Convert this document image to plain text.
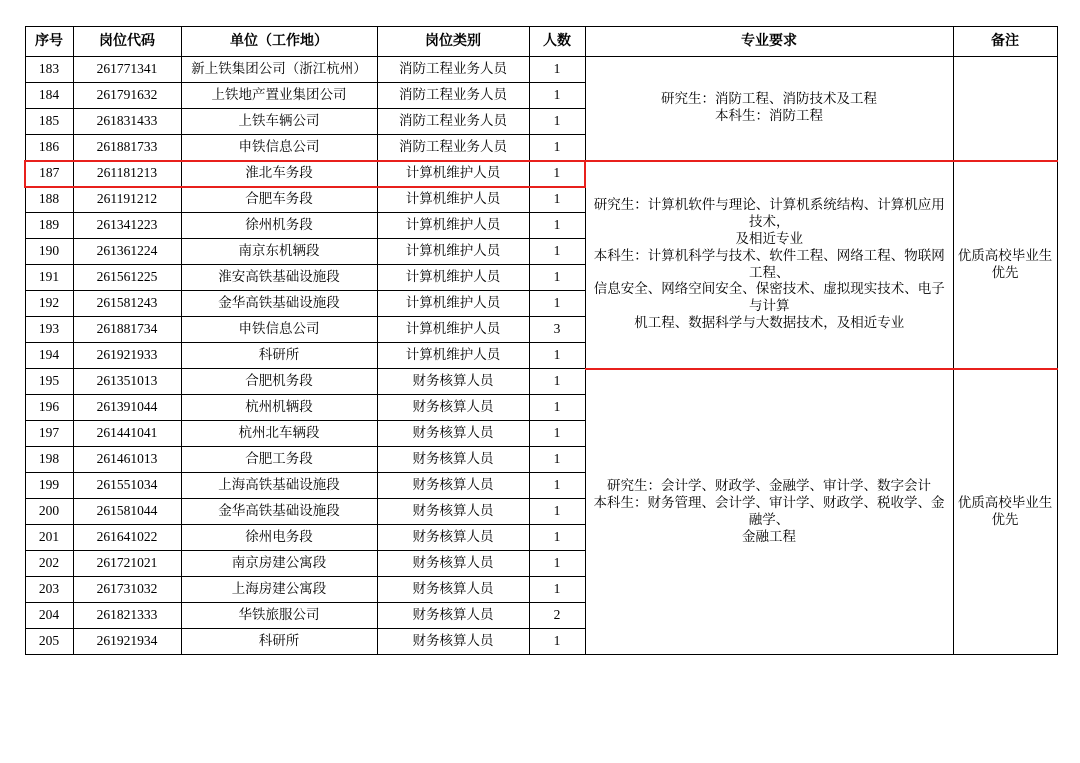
序号	岗位代码	单位（工作地）	岗位类别	人数	专业要求	备注
183	261771341	新上铁集团公司（浙江杭州）	消防工程业务人员	1	研究生：消防工程、消防技术及工程
本科生：消防工程	

184	261791632	上铁地产置业集团公司	消防工程业务人员	1		
185	261831433	上铁车辆公司	消防工程业务人员	1		
186	261881733	申铁信息公司	消防工程业务人员	1		
187	261181213	淮北车务段	计算机维护人员	1	研究生：计算机软件与理论、计算机系统结构、计算机应用技术，
及相近专业
本科生：计算机科学与技术、软件工程、网络工程、物联网工程、
信息安全、网络空间安全、保密技术、虚拟现实技术、电子与计算
机工程、数据科学与大数据技术，及相近专业	优质高校毕业生优先
188	261191212	合肥车务段	计算机维护人员	1		
189	261341223	徐州机务段	计算机维护人员	1		
190	261361224	南京东机辆段	计算机维护人员	1		
191	261561225	淮安高铁基础设施段	计算机维护人员	1		
192	261581243	金华高铁基础设施段	计算机维护人员	1		
193	261881734	申铁信息公司	计算机维护人员	3		
194	261921933	科研所	计算机维护人员	1		
195	261351013	合肥机务段	财务核算人员	1	研究生：会计学、财政学、金融学、审计学、数字会计
本科生：财务管理、会计学、审计学、财政学、税收学、金融学、
金融工程	优质高校毕业生优先
196	261391044	杭州机辆段	财务核算人员	1		
197	261441041	杭州北车辆段	财务核算人员	1		
198	261461013	合肥工务段	财务核算人员	1		
199	261551034	上海高铁基础设施段	财务核算人员	1		
200	261581044	金华高铁基础设施段	财务核算人员	1		
201	261641022	徐州电务段	财务核算人员	1		
202	261721021	南京房建公寓段	财务核算人员	1		
203	261731032	上海房建公寓段	财务核算人员	1		
204	261821333	华铁旅服公司	财务核算人员	2		
205	261921934	科研所	财务核算人员	1		
